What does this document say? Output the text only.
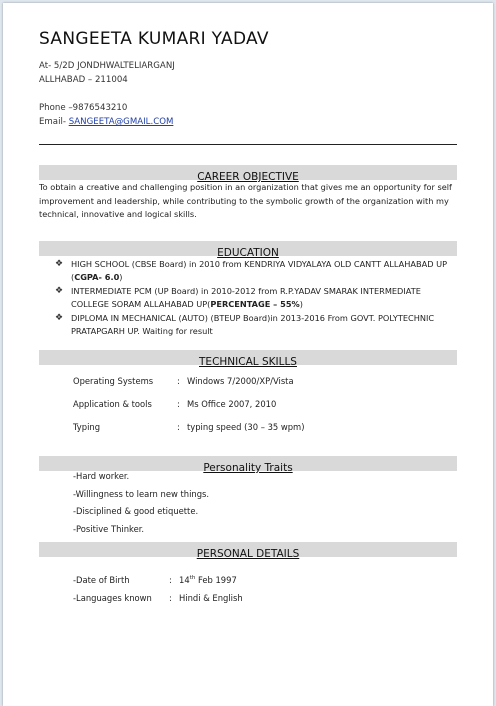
SANGEETA KUMARI YADAV
At- 5/2D JONDHWALTELIARGANJ
ALLHABAD – 211004
Phone –9876543210
Email- SANGEETA@GMAIL.COM
CAREER OBJECTIVE
To obtain a creative and challenging position in an organization that gives me an opportunity for self improvement and leadership, while contributing to the symbolic growth of the organization with my technical, innovative and logical skills.
EDUCATION
❖ HIGH SCHOOL (CBSE Board) in 2010 from KENDRIYA VIDYALAYA OLD CANTT ALLAHABAD UP (CGPA- 6.0)
❖ INTERMEDIATE PCM (UP Board) in 2010-2012 from R.P.YADAV SMARAK INTERMEDIATE COLLEGE SORAM ALLAHABAD UP(PERCENTAGE – 55%)
❖ DIPLOMA IN MECHANICAL (AUTO) (BTEUP Board)in 2013-2016 From GOVT. POLYTECHNIC PRATAPGARH UP. Waiting for result
TECHNICAL SKILLS
Operating Systems	: Windows 7/2000/XP/Vista
Application & tools	: Ms Office 2007, 2010
Typing	: typing speed (30 – 35 wpm)
Personality Traits
-Hard worker.
-Willingness to learn new things.
-Disciplined & good etiquette.
-Positive Thinker.
PERSONAL DETAILS
-Date of Birth	: 14th Feb 1997
-Languages known : Hindi & English
